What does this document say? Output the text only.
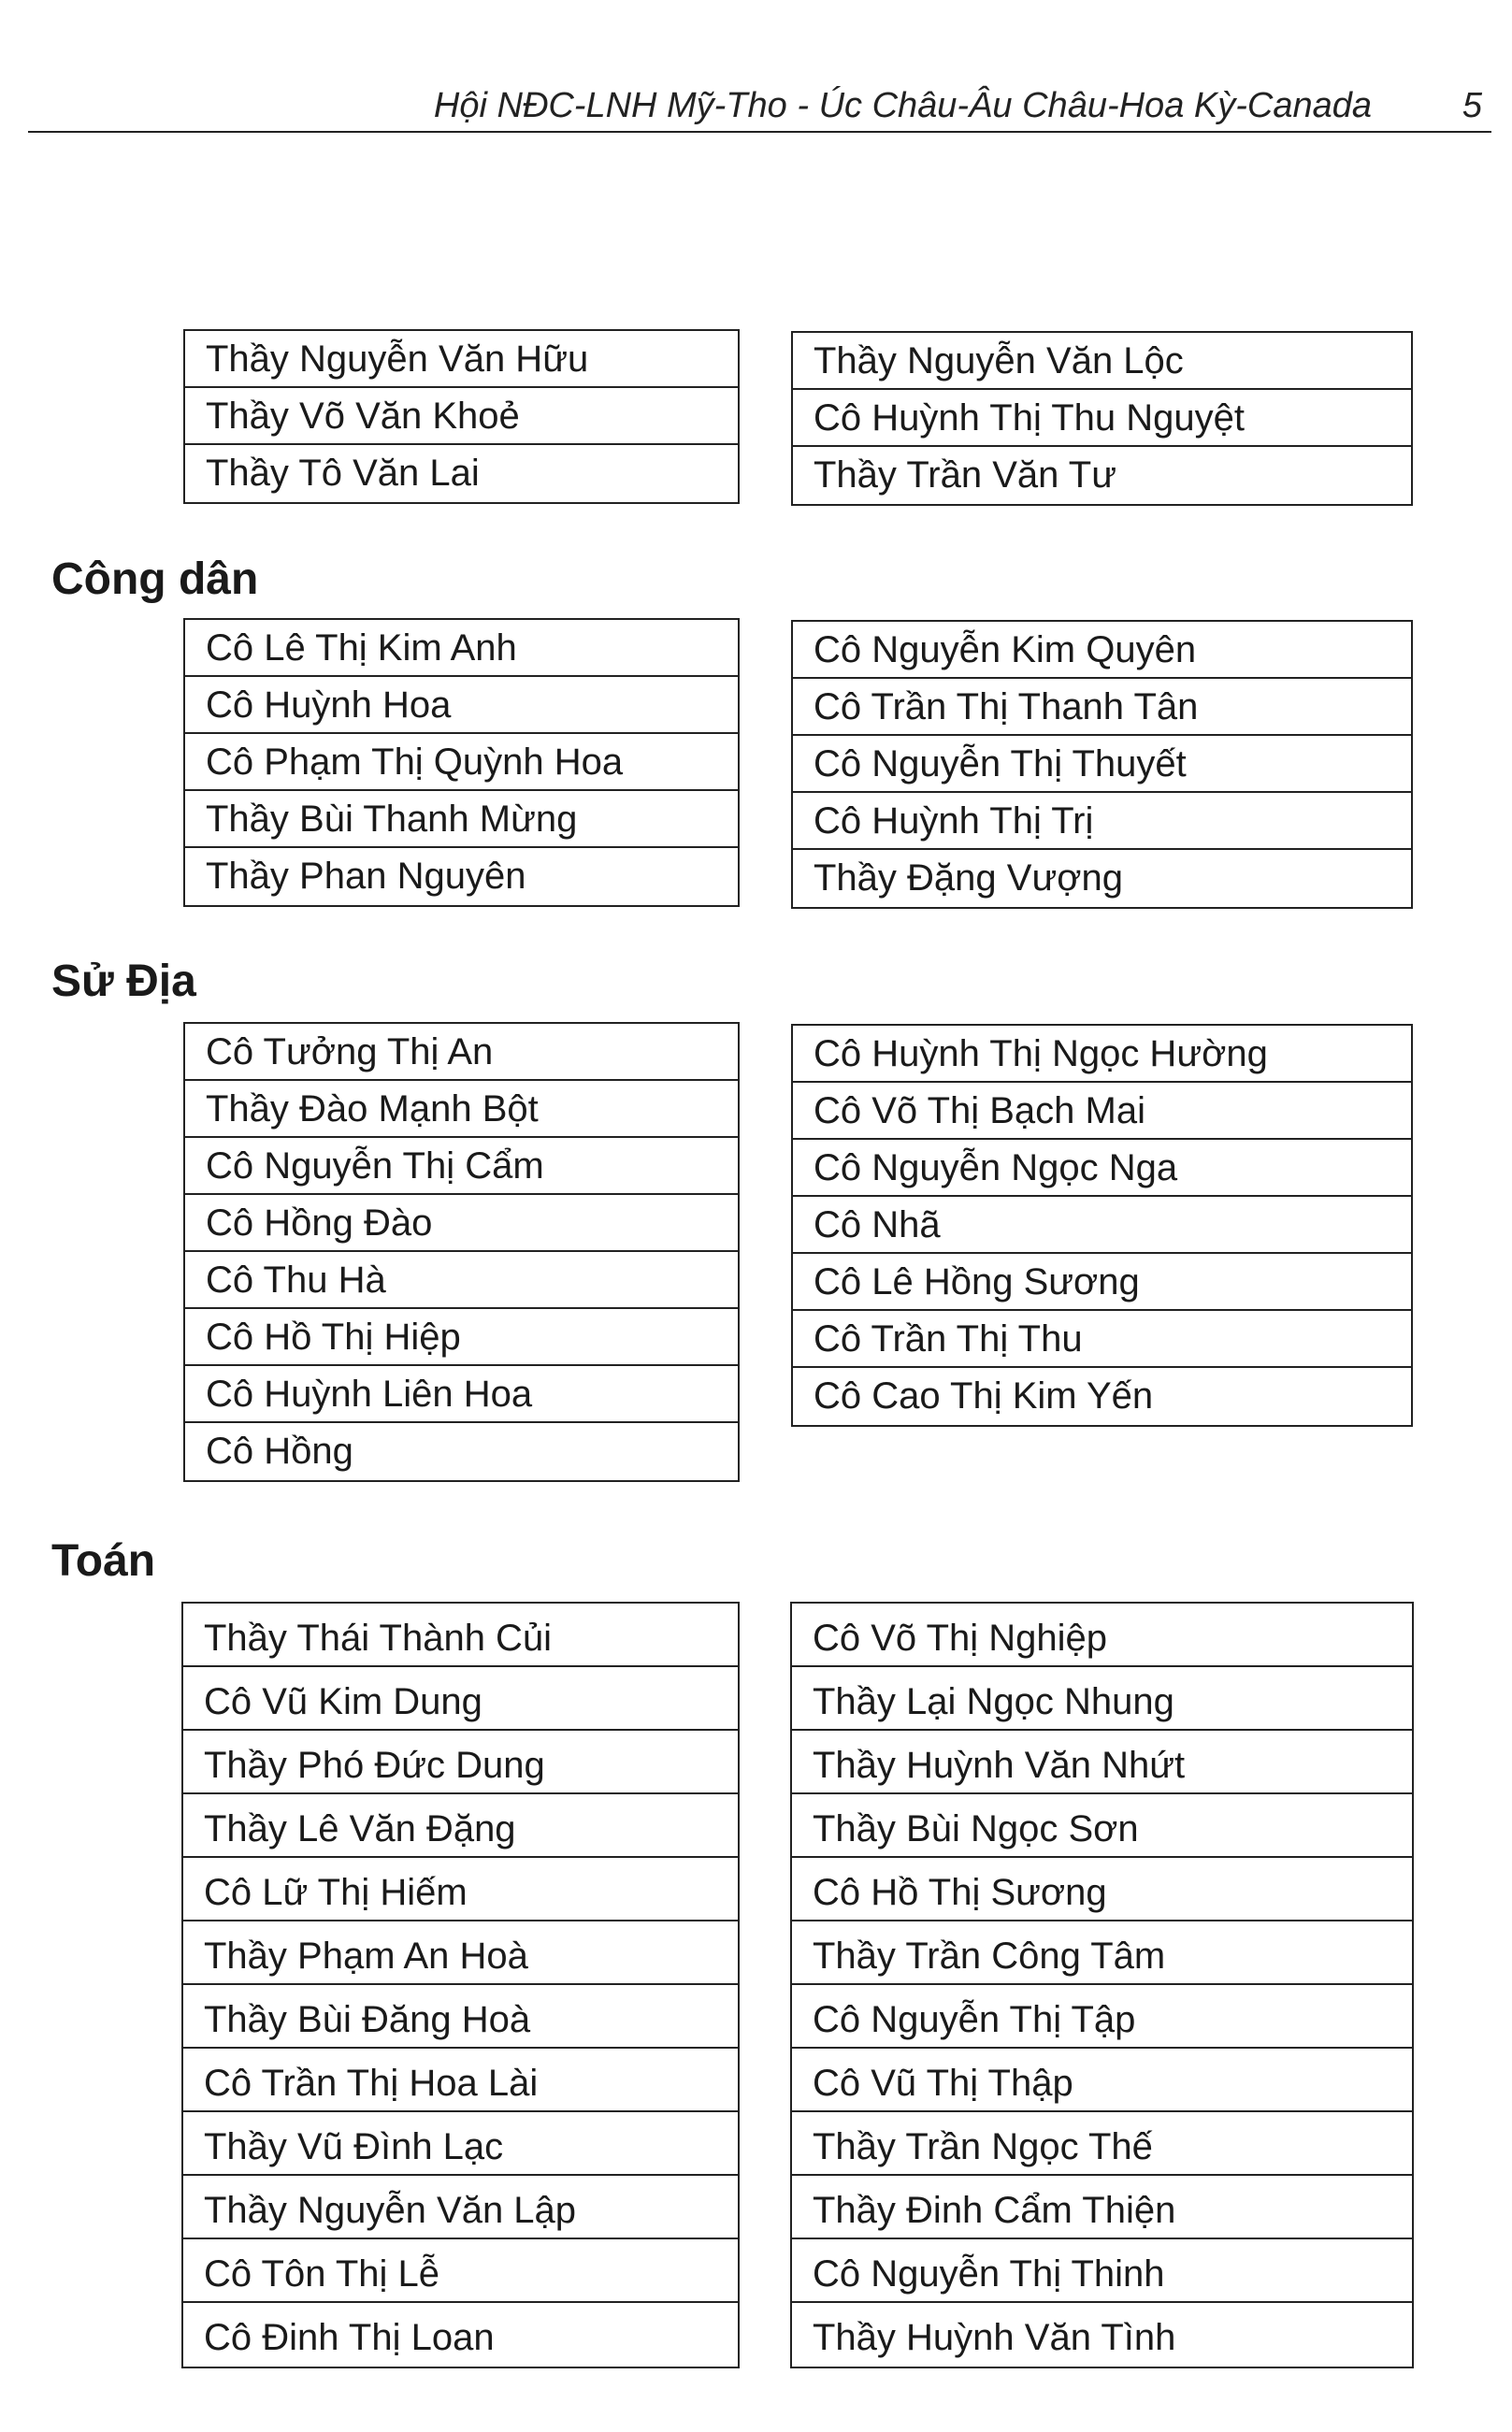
Hội NĐC-LNH Mỹ-Tho - Úc Châu-Âu Châu-Hoa Kỳ-Canada	5
Thầy Nguyễn Văn Hữu
Thầy Võ Văn Khoẻ
Thầy Tô Văn Lai
Thầy Nguyễn Văn Lộc
Cô Huỳnh Thị Thu Nguyệt
Thầy Trần Văn Tư
Công dân
Cô Lê Thị Kim Anh
Cô Huỳnh Hoa
Cô Phạm Thị Quỳnh Hoa
Thầy Bùi Thanh Mừng
Thầy Phan Nguyên
Cô Nguyễn Kim Quyên
Cô Trần Thị Thanh Tân
Cô Nguyễn Thị Thuyết
Cô Huỳnh Thị Trị
Thầy Đặng Vượng
Sử Địa
Cô Tưởng Thị An
Thầy Đào Mạnh Bột
Cô Nguyễn Thị Cẩm
Cô Hồng Đào
Cô Thu Hà
Cô Hồ Thị Hiệp
Cô Huỳnh Liên Hoa
Cô Hồng
Cô Huỳnh Thị Ngọc Hường
Cô Võ Thị Bạch Mai
Cô Nguyễn Ngọc Nga
Cô Nhã
Cô Lê Hồng Sương
Cô Trần Thị Thu
Cô Cao Thị Kim Yến
Toán
Thầy Thái Thành Củi
Cô Vũ Kim Dung
Thầy Phó Đức Dung
Thầy Lê Văn Đặng
Cô Lữ Thị Hiếm
Thầy Phạm An Hoà
Thầy Bùi Đăng Hoà
Cô Trần Thị Hoa Lài
Thầy Vũ Đình Lạc
Thầy Nguyễn Văn Lập
Cô Tôn Thị Lễ
Cô Đinh Thị Loan
Cô Võ Thị Nghiệp
Thầy Lại Ngọc Nhung
Thầy Huỳnh Văn Nhứt
Thầy Bùi Ngọc Sơn
Cô Hồ Thị Sương
Thầy Trần Công Tâm
Cô Nguyễn Thị Tập
Cô Vũ Thị Thập
Thầy Trần Ngọc Thế
Thầy Đinh Cẩm Thiện
Cô Nguyễn Thị Thinh
Thầy Huỳnh Văn Tình
